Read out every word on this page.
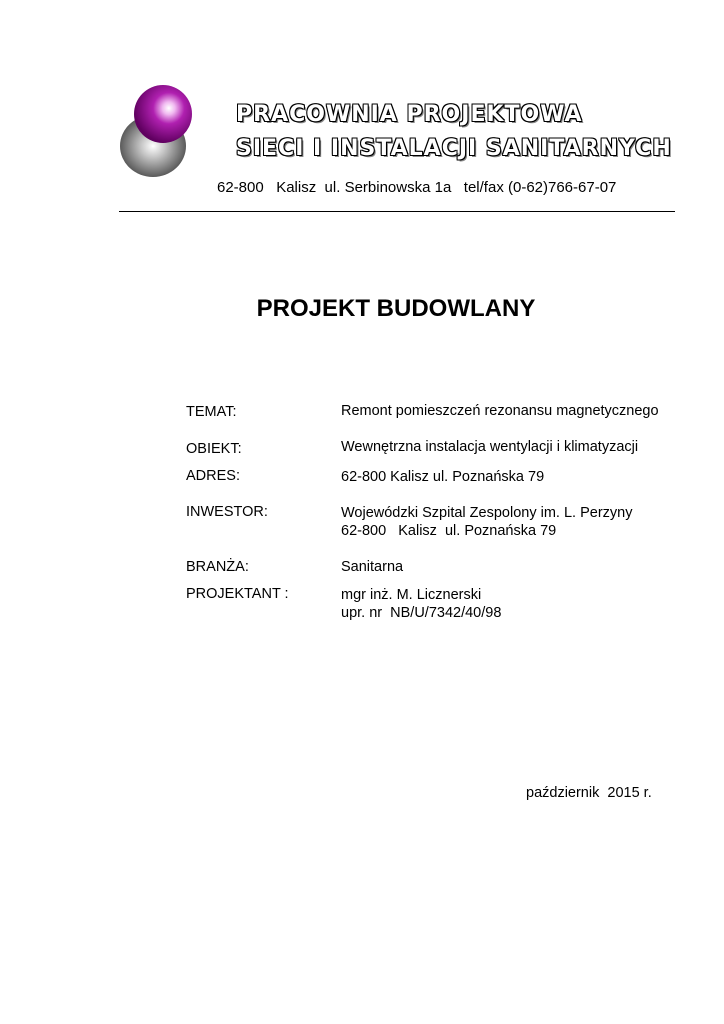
PRACOWNIA PROJEKTOWA
SIECI I INSTALACJI SANITARNYCH
62-800   Kalisz  ul. Serbinowska 1a   tel/fax (0-62)766-67-07
PROJEKT BUDOWLANY
TEMAT:	Remont pomieszczeń rezonansu magnetycznego
OBIEKT:	Wewnętrzna instalacja wentylacji i klimatyzacji
ADRES:	62-800 Kalisz ul. Poznańska 79
INWESTOR:	Wojewódzki Szpital Zespolony im. L. Perzyny
62-800   Kalisz  ul. Poznańska 79
BRANŻA:	Sanitarna
PROJEKTANT :	mgr inż. M. Licznerski
upr. nr  NB/U/7342/40/98
październik  2015 r.
